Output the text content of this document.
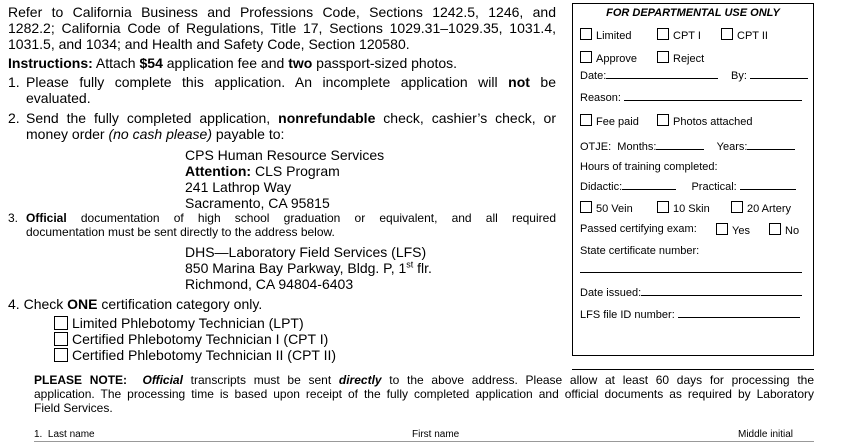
Refer to California Business and Professions Code, Sections 1242.5, 1246, and
1282.2; California Code of Regulations, Title 17, Sections 1029.31–1029.35, 1031.4,
1031.5, and 1034; and Health and Safety Code, Section 120580.
Instructions: Attach $54 application fee and two passport-sized photos.
1. Please fully complete this application. An incomplete application will not be
evaluated.
2. Send the fully completed application, nonrefundable check, cashier’s check, or
money order (no cash please) payable to:
CPS Human Resource Services
Attention: CLS Program
241 Lathrop Way
Sacramento, CA 95815
3. Official documentation of high school graduation or equivalent, and all required
documentation must be sent directly to the address below.
DHS—Laboratory Field Services (LFS)
850 Marina Bay Parkway, Bldg. P, 1st flr.
Richmond, CA 94804-6403
4. Check ONE certification category only.
Limited Phlebotomy Technician (LPT)
Certified Phlebotomy Technician I (CPT I)
Certified Phlebotomy Technician II (CPT II)
FOR DEPARTMENTAL USE ONLY
Limited	CPT I	CPT II
Approve	Reject
Date:	By:
Reason:
Fee paid	Photos attached
OTJE: Months:	Years:
Hours of training completed:
Didactic:	Practical:
50 Vein	10 Skin	20 Artery
Passed certifying exam:	Yes	No
State certificate number:
Date issued:
LFS file ID number:
PLEASE NOTE: Official transcripts must be sent directly to the above address. Please allow at least 60 days for processing the
application. The processing time is based upon receipt of the fully completed application and official documents as required by Laboratory
Field Services.
1. Last name	First name	Middle initial
